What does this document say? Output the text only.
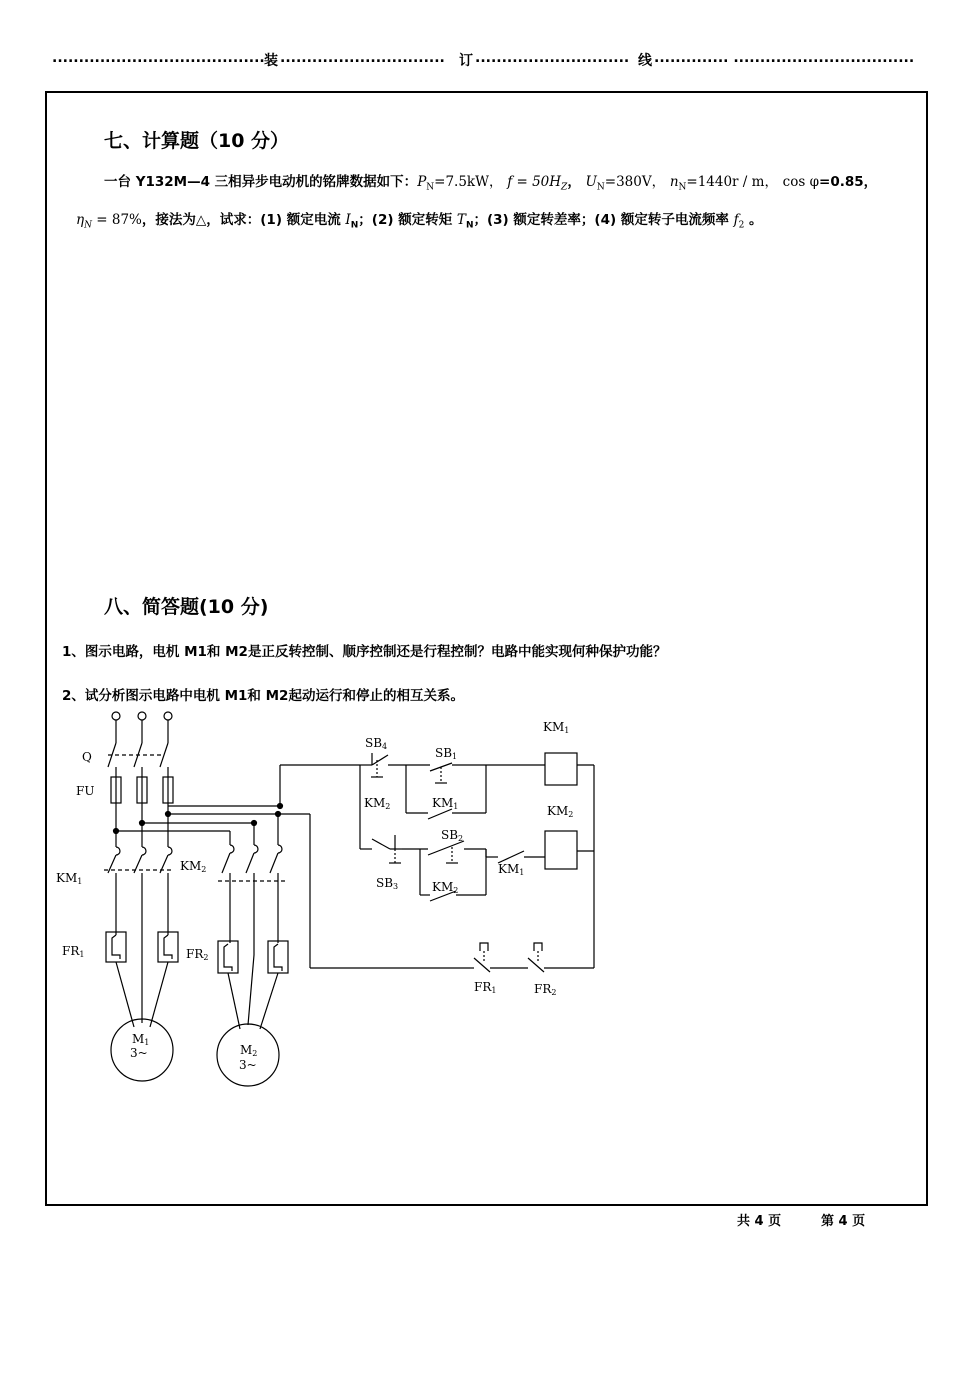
........................................ 装 ............................... 订 ............................. 线 .............. ..................................
七、计算题（10 分）
一台 Y132M—4 三相异步电动机的铭牌数据如下：$P_N=7.5kW$， $f = 50H_Z$， $U_N=380V$， $n_N=1440r / m$， cos φ=0.85，
$\eta_N = 87\%$，接法为△，试求：(1) 额定电流 $I_N$；(2) 额定转矩 $T_N$；(3) 额定转差率；(4) 额定转子电流频率 $f_2$ 。
八、简答题(10 分)
1、图示电路，电机 M1和 M2是正反转控制、顺序控制还是行程控制？电路中能实现何种保护功能？
2、试分析图示电路中电机 M1和 M2起动运行和停止的相互关系。
Q
FU
KM1
KM2
FR1	FR2
M1
3~	M2
3~
SB4	SB1
KM1
KM2	KM1
SB2
KM2
SB3	KM2
KM1
FR1	FR2
共 4 页	第 4 页
